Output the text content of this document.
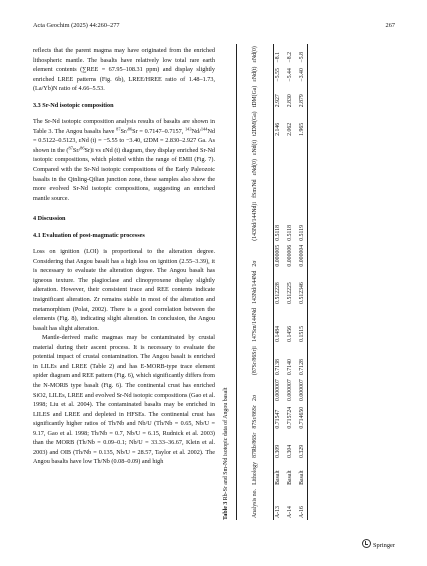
Acta Geochim (2025) 44:260–277	267

reflects that the parent magma may have originated from the enriched lithospheric mantle. The basalts have relatively low total rare earth element contents (∑REE = 67.95–108.31 ppm) and display slightly enriched LREE patterns (Fig. 6b), LREE/HREE ratio of 1.48–1.73, (La/Yb)N ratio of 4.66–5.53.

3.3 Sr-Nd isotopic composition

The Sr-Nd isotopic composition analysis results of basalts are shown in Table 3. The Angou basalts have $^{87}$Sr/$^{86}$Sr = 0.7147–0.7157, $^{143}$Nd/$^{144}$Nd = 0.5122–0.5123, εNd (t) = −5.55 to −3.40, t2DM = 2.830–2.927 Ga. As shown in the ($^{87}$Sr/$^{86}$Sr)i vs εNd (t) diagram, they display enriched Sr-Nd isotopic compositions, which plotted within the range of EMII (Fig. 7). Compared with the Sr-Nd isotopic compositions of the Early Paleozoic basalts in the Qinling-Qilian junction zone, these samples also show the more evolved Sr-Nd isotopic compositions, suggesting an enriched mantle source.

4 Discussion

4.1 Evaluation of post-magmatic processes

Loss on ignition (LOI) is proportional to the alteration degree. Considering that Angou basalt has a high loss on ignition (2.55–3.39), it is necessary to evaluate the alteration degree. The Angou basalt has igneous texture. The plagioclase and clinopyroxene display slightly alteration. However, their consistent trace and REE contents indicate insignificant alteration. Zr remains stable in most of the alteration and metamorphism (Polat, 2002). There is a good correlation between the elements (Fig. 8), indicating slight alteration. In conclusion, the Angou basalt has slight alteration.

Mantle-derived mafic magmas may be contaminated by crustal material during their ascent process. It is necessary to evaluate the potential impact of crustal contamination. The Angou basalt is enriched in LILEs and LREE (Table 2) and has E-MORB-type trace element spider diagram and REE pattern (Fig. 6), which significantly differs from the N-MORB type basalt (Fig. 6). The continental crust has enriched SiO2, LILEs, LREE and evolved Sr-Nd isotopic compositions (Gao et al. 1998; Liu et al. 2004). The contaminated basalts may be enriched in LILES and LREE and depleted in HFSEs. The continental crust has significantly higher ratios of Th/Nb and Nb/U (Th/Nb = 0.65, Nb/U = 9.17, Gao et al. 1998; Th/Nb = 0.7, Nb/U = 6.15, Rudnick et al. 2003) than the MORB (Th/Nb = 0.09–0.1; Nb/U = 33.33–36.67, Klein et al. 2003) and OIB (Th/Nb = 0.135, Nb/U = 28.57, Taylor et al. 2002). The Angou basalts have low Th/Nb (0.08–0.09) and high

Table 3 Rb-Sr and Sm-Nd isotopic data of Angou basalt
Analysis no.	Lithology	87Rb/86Sr	87Sr/86Sr	2σ	(87Sr/86Sr)i	147Sm/144Nd	143Nd/144Nd	2σ	(143Nd/144Nd)i	fSm/Nd	εNd(0)	εNd(t)	t2DM(Ga)	tDM(Ga)	εNd(t)	εNd(0)
A-13	Basalt	0.309	0.71547	0.000007	0.7138	0.1484	0.512228	0.000005	0.5118				2.146	2.927	−5.55	−8.1
A-14	Basalt	0.304	0.715724	0.000007	0.7140	0.1456	0.512225	0.000006	0.5118				2.062	2.830	−5.44	−8.2
A-16	Basalt	0.329	0.714650	0.000007	0.7128	0.1515	0.512346	0.000004	0.5119				1.965	2.879	−3.40	−5.8
Springer
